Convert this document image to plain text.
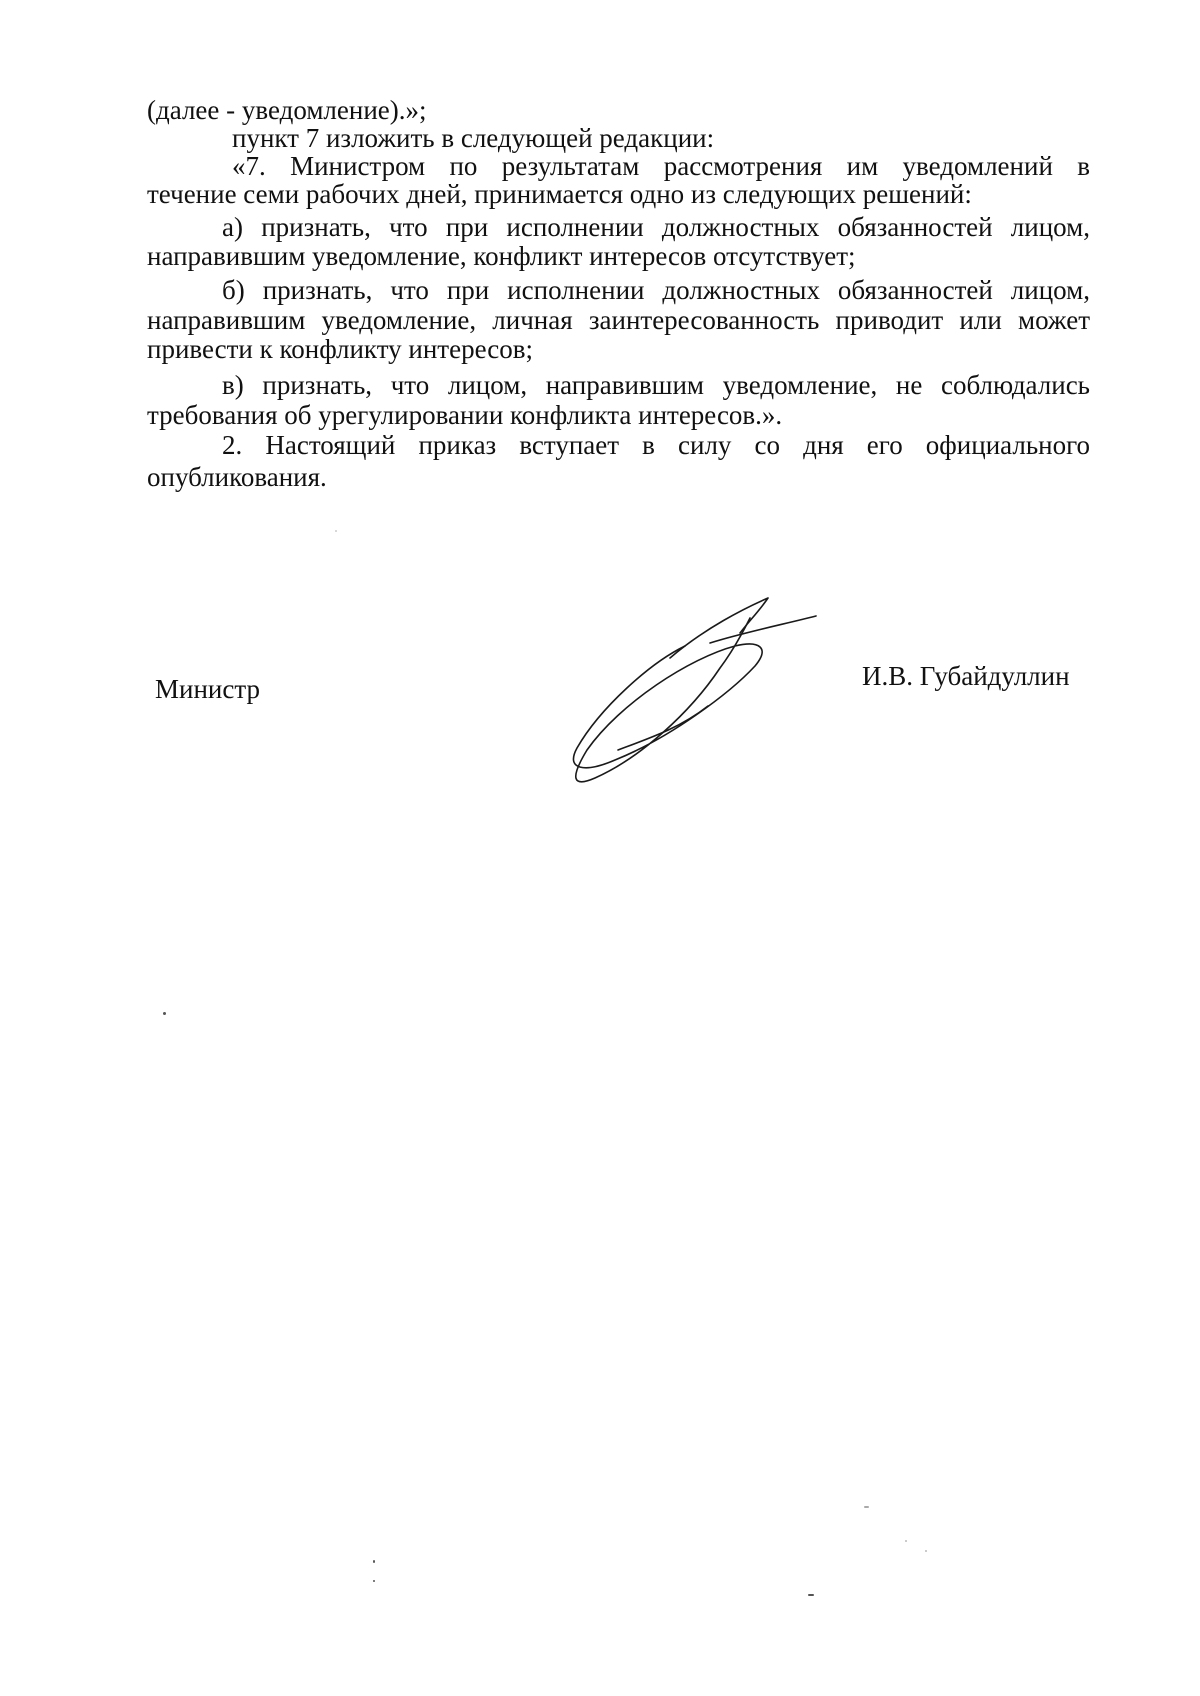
(далее - уведомление).»;
пункт 7 изложить в следующей редакции:
«7. Министром по результатам рассмотрения им уведомлений в
течение семи рабочих дней, принимается одно из следующих решений:
а) признать, что при исполнении должностных обязанностей лицом,
направившим уведомление, конфликт интересов отсутствует;
б) признать, что при исполнении должностных обязанностей лицом,
направившим уведомление, личная заинтересованность приводит или может
привести к конфликту интересов;
в) признать, что лицом, направившим уведомление, не соблюдались
требования об урегулировании конфликта интересов.».
2. Настоящий приказ вступает в силу со дня его официального
опубликования.
Министр	И.В. Губайдуллин
